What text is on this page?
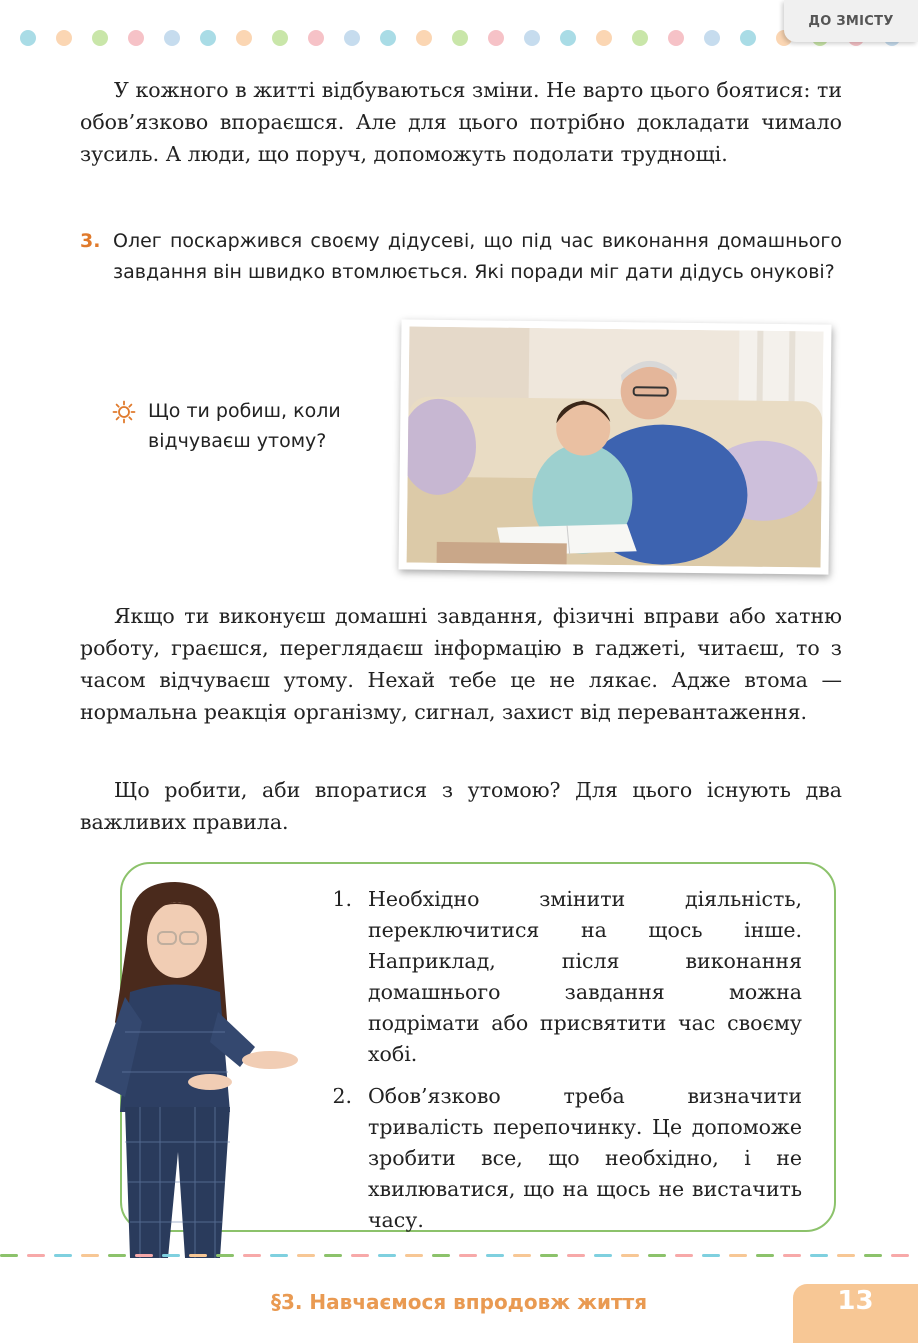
ДО ЗМІСТУ

У кожного в житті відбуваються зміни. Не варто цього боятися: ти обов’язково впораєшся. Але для цього потрібно докладати чимало зусиль. А люди, що поруч, допоможуть подолати труднощі.

3. Олег поскаржився своєму дідусеві, що під час виконання домашнього завдання він швидко втомлюється. Які поради міг дати дідусь онукові?

Що ти робиш, коли відчуваєш утому?

Якщо ти виконуєш домашні завдання, фізичні вправи або хатню роботу, граєшся, переглядаєш інформацію в гаджеті, читаєш, то з часом відчуваєш утому. Нехай тебе це не лякає. Адже втома — нормальна реакція організму, сигнал, захист від перевантаження.

Що робити, аби впоратися з утомою? Для цього існують два важливих правила.

1. Необхідно змінити діяльність, переключитися на щось інше. Наприклад, після виконання домашнього завдання можна подрімати або присвятити час своєму хобі.
2. Обов’язково треба визначити тривалість перепочинку. Це допоможе зробити все, що необхідно, і не хвилюватися, що на щось не вистачить часу.
§3. Навчаємося впродовж життя	13
